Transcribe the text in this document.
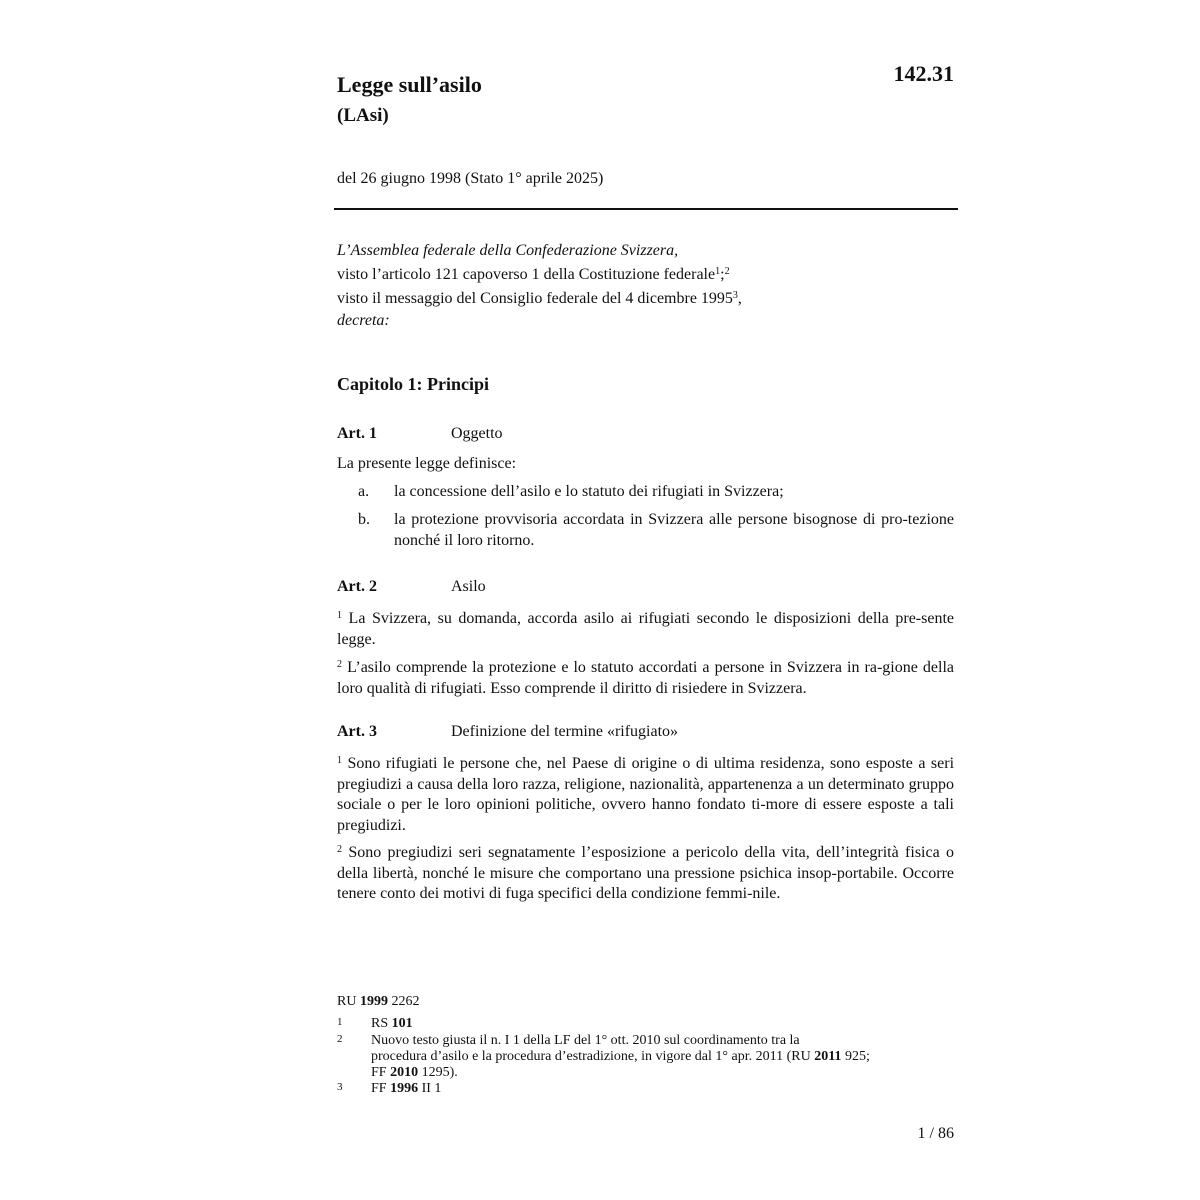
Legge sull’asilo
(LAsi)
142.31
del 26 giugno 1998 (Stato 1° aprile 2025)
L’Assemblea federale della Confederazione Svizzera,
visto l’articolo 121 capoverso 1 della Costituzione federale$^1$;$^2$
visto il messaggio del Consiglio federale del 4 dicembre 1995$^3$,
decreta:
Capitolo 1: Principi
Art. 1	Oggetto
La presente legge definisce:
a. la concessione dell’asilo e lo statuto dei rifugiati in Svizzera;
b. la protezione provvisoria accordata in Svizzera alle persone bisognose di pro-tezione nonché il loro ritorno.
Art. 2	Asilo
$^1$ La Svizzera, su domanda, accorda asilo ai rifugiati secondo le disposizioni della pre-sente legge.
$^2$ L’asilo comprende la protezione e lo statuto accordati a persone in Svizzera in ra-gione della loro qualità di rifugiati. Esso comprende il diritto di risiedere in Svizzera.
Art. 3	Definizione del termine «rifugiato»
$^1$ Sono rifugiati le persone che, nel Paese di origine o di ultima residenza, sono esposte a seri pregiudizi a causa della loro razza, religione, nazionalità, appartenenza a un determinato gruppo sociale o per le loro opinioni politiche, ovvero hanno fondato ti-more di essere esposte a tali pregiudizi.
$^2$ Sono pregiudizi seri segnatamente l’esposizione a pericolo della vita, dell’integrità fisica o della libertà, nonché le misure che comportano una pressione psichica insop-portabile. Occorre tenere conto dei motivi di fuga specifici della condizione femmi-nile.
RU 1999 2262
1 RS 101
2 Nuovo testo giusta il n. I 1 della LF del 1° ott. 2010 sul coordinamento tra la
procedura d’asilo e la procedura d’estradizione, in vigore dal 1° apr. 2011 (RU 2011 925;
FF 2010 1295).
3 FF 1996 II 1
1 / 86
